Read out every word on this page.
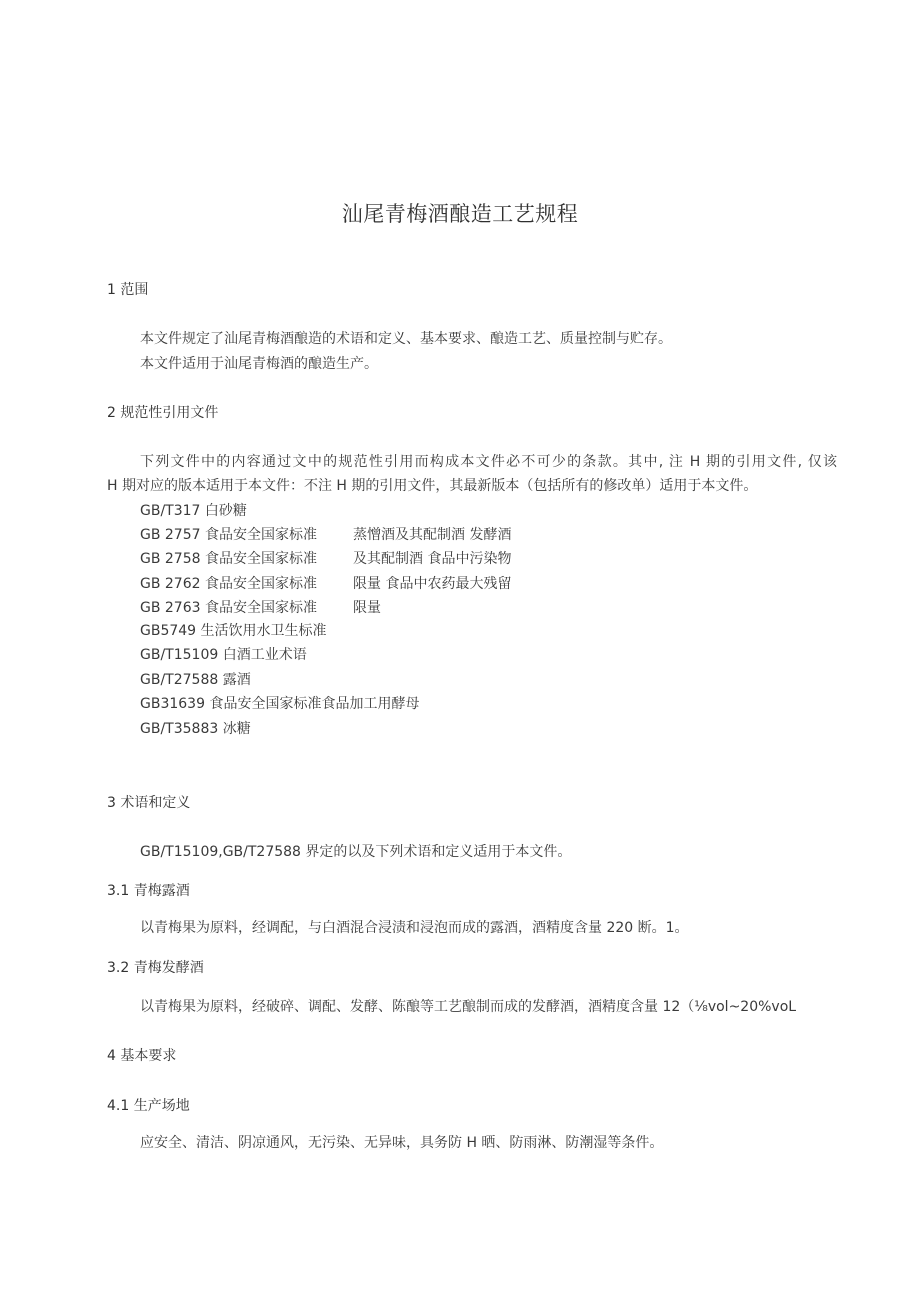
汕尾青梅酒酿造工艺规程
1 范围
本文件规定了汕尾青梅酒酿造的术语和定义、基本要求、酿造工艺、质量控制与贮存。
本文件适用于汕尾青梅酒的酿造生产。
2 规范性引用文件
下列文件中的内容通过文中的规范性引用而构成本文件必不可少的条款。其中, 注 H 期的引用文件, 仅该
H 期对应的版本适用于本文件：不注 H 期的引用文件，其最新版本（包括所有的修改单）适用于本文件。
GB/T317 白砂糖
GB 2757 食品安全国家标准	蒸憎酒及其配制酒 发酵酒
GB 2758 食品安全国家标准	及其配制酒 食品中污染物
GB 2762 食品安全国家标准	限量 食品中农药最大残留
GB 2763 食品安全国家标准	限量
GB5749 生活饮用水卫生标准
GB/T15109 白酒工业术语
GB/T27588 露酒
GB31639 食品安全国家标准食品加工用酵母
GB/T35883 冰糖
3 术语和定义
GB/T15109,GB/T27588 界定的以及下列术语和定义适用于本文件。
3.1 青梅露酒
以青梅果为原料，经调配，与白酒混合浸渍和浸泡而成的露酒，酒精度含量 220 断。1。
3.2 青梅发酵酒
以青梅果为原料，经破碎、调配、发酵、陈酿等工艺酿制而成的发酵酒，酒精度含量 12（⅛vol~20%voL
4 基本要求
4.1 生产场地
应安全、清洁、阴凉通风，无污染、无异味，具务防 H 晒、防雨淋、防潮湿等条件。
